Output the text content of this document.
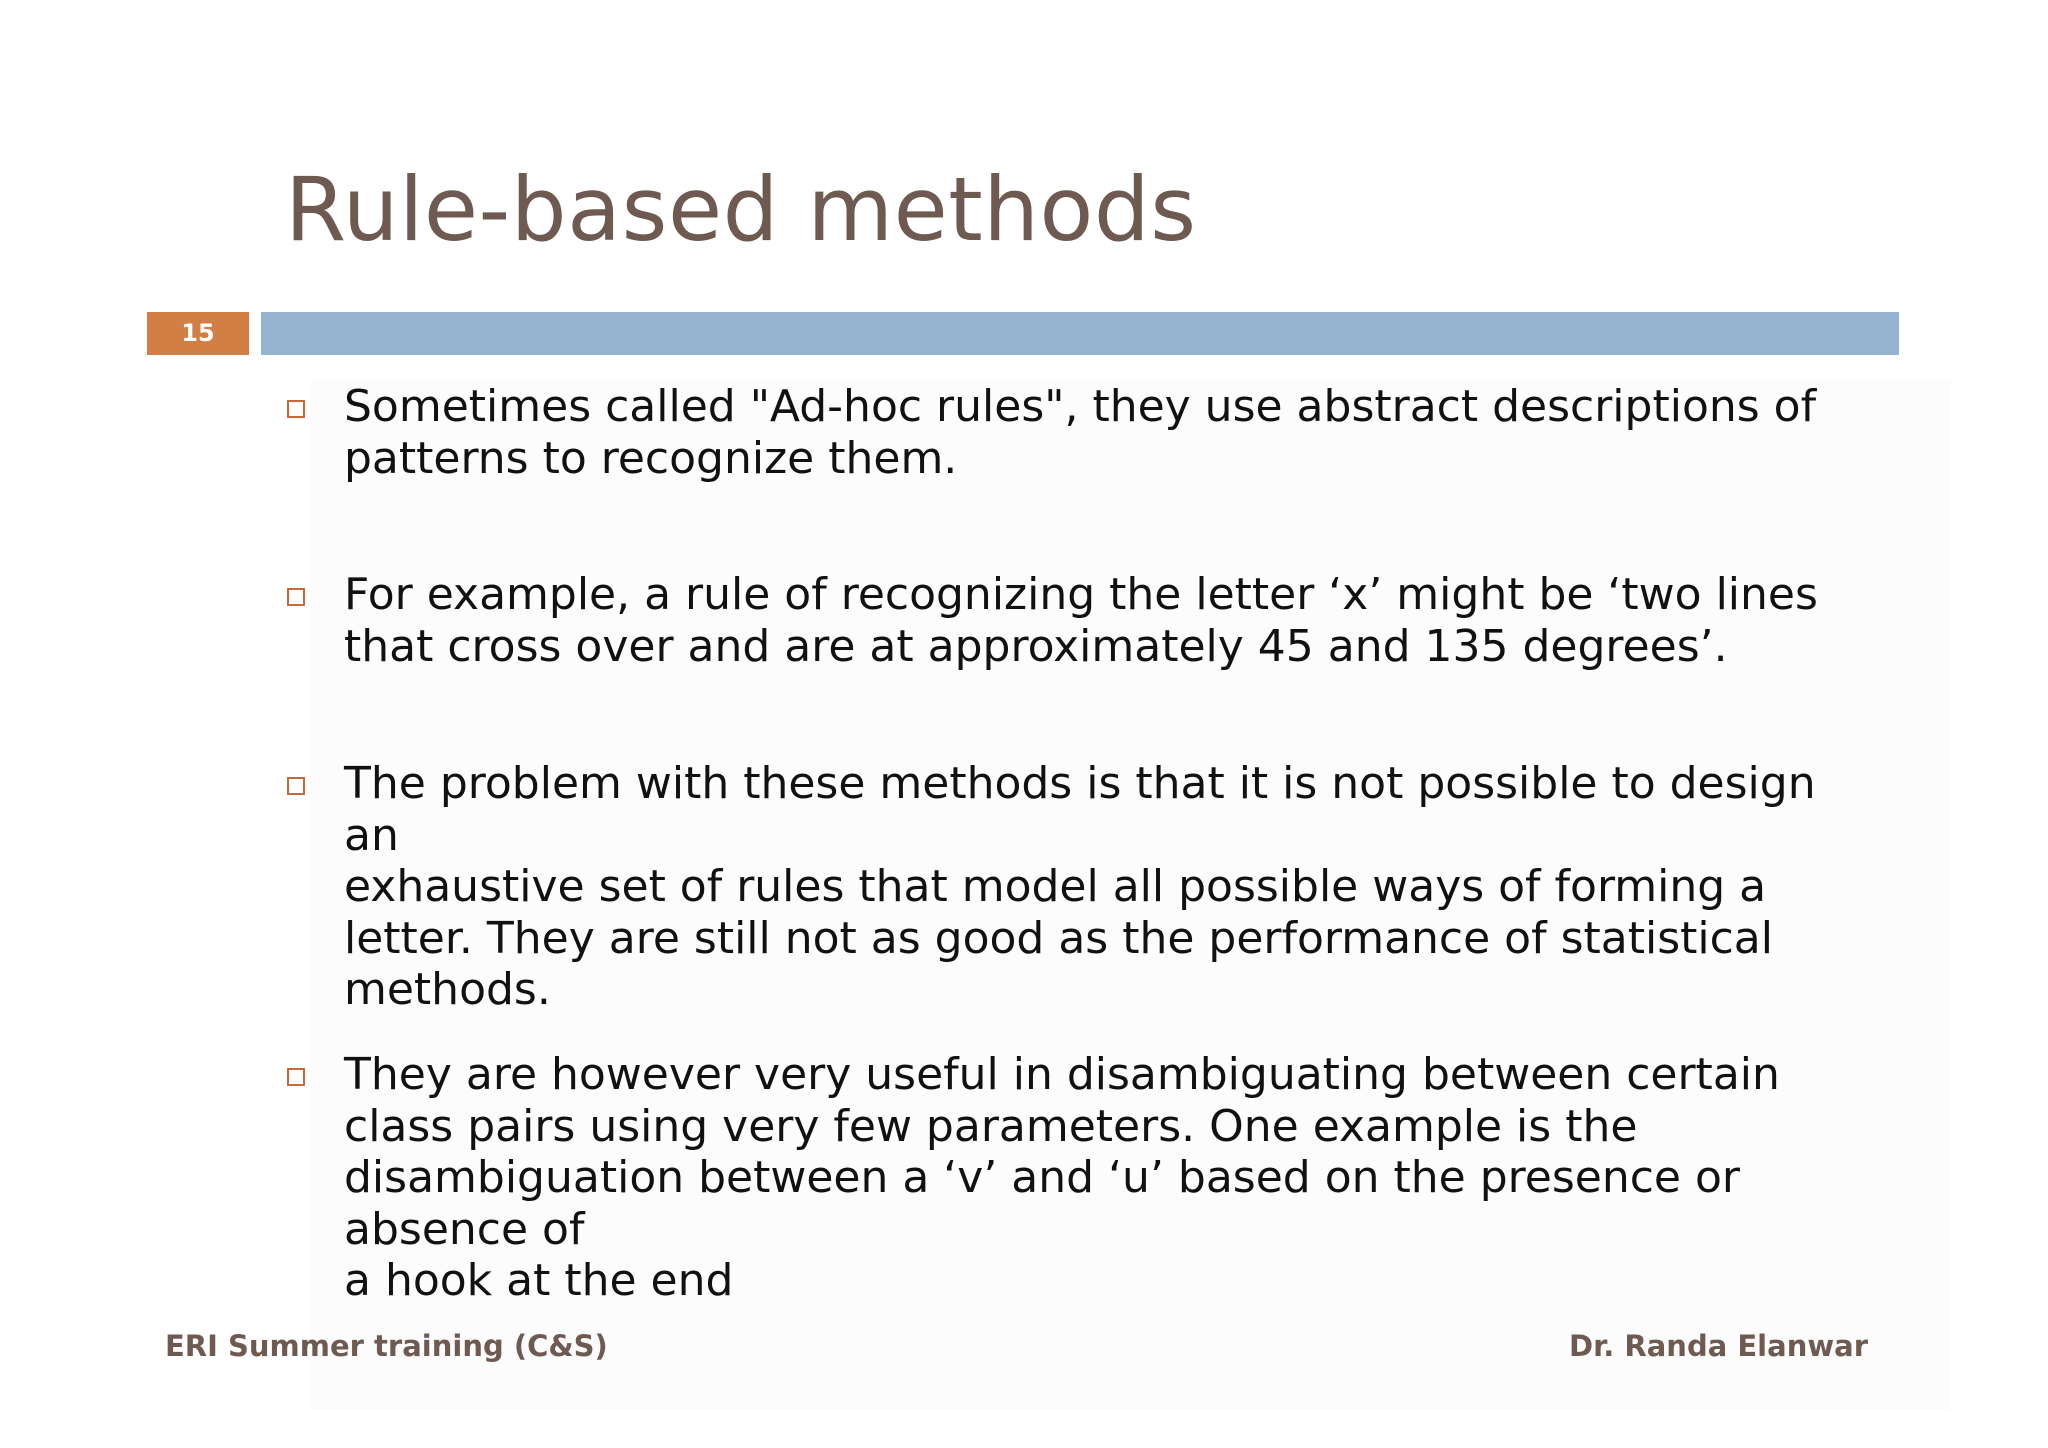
Rule-based methods
15
Sometimes called "Ad-hoc rules", they use abstract descriptions of
patterns to recognize them.
For example, a rule of recognizing the letter ‘x’ might be ‘two lines
that cross over and are at approximately 45 and 135 degrees’.
The problem with these methods is that it is not possible to design an
exhaustive set of rules that model all possible ways of forming a
letter. They are still not as good as the performance of statistical
methods.
They are however very useful in disambiguating between certain
class pairs using very few parameters. One example is the
disambiguation between a ‘v’ and ‘u’ based on the presence or
absence of
a hook at the end
ERI Summer training (C&S)	Dr. Randa Elanwar
